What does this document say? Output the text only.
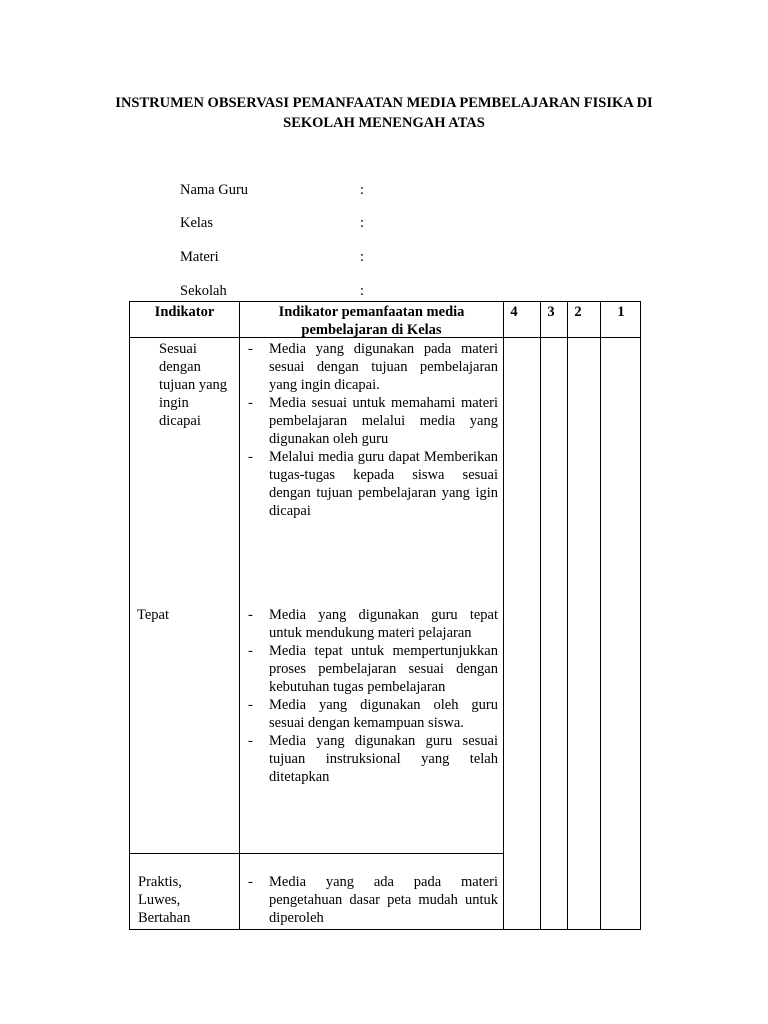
INSTRUMEN OBSERVASI PEMANFAATAN MEDIA PEMBELAJARAN FISIKA DI
SEKOLAH MENENGAH ATAS
Nama Guru	:
Kelas	:
Materi	:
Sekolah	:
Indikator	Indikator pemanfaatan media
pembelajaran di Kelas
4	3	2	1
Sesuai
dengan
tujuan yang
ingin
dicapai
- Media yang digunakan pada materi sesuai dengan tujuan pembelajaran yang ingin dicapai.
- Media sesuai untuk memahami materi pembelajaran melalui media yang digunakan oleh guru
- Melalui media guru dapat Memberikan tugas-tugas kepada siswa sesuai dengan tujuan pembelajaran yang igin dicapai
Tepat
-	Media yang digunakan guru tepat untuk mendukung materi pelajaran
- Media tepat untuk mempertunjukkan proses pembelajaran sesuai dengan kebutuhan tugas pembelajaran
- Media yang digunakan oleh guru sesuai dengan kemampuan siswa.
- Media yang digunakan guru sesuai tujuan instruksional yang telah ditetapkan
Praktis,
Luwes,
Bertahan
- Media yang ada pada materi pengetahuan dasar peta mudah untuk diperoleh
